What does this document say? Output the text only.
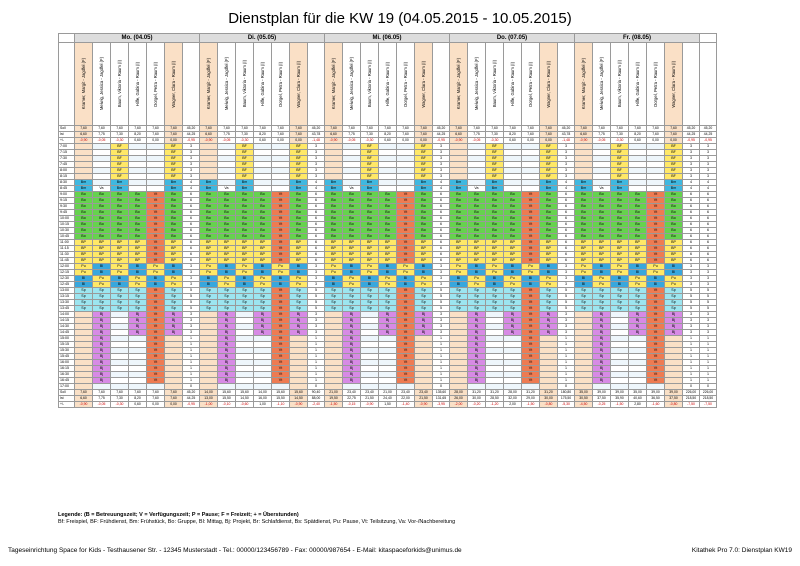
Dienstplan für die KW 19 (04.05.2015 - 10.05.2015)
	Mo. (04.05)							Di. (05.05)							Mi. (06.05)							Do. (07.05)							Fr. (08.05)							

	Kramer, Margit - Jagdfel (F)	Meiwig, Jessica - Jagdfel (F)	Baum, Viktoria - Raum (I)	Hilfe, Gabina - Raum (I)	Dorgel, Petra - Raum (I)	Wagner, Clara - Raum (I)		Kramer, Margit - Jagdfel (F)	Meiwig, Jessica - Jagdfel (F)	Baum, Viktoria - Raum (I)	Hilfe, Gabina - Raum (I)	Dorgel, Petra - Raum (I)	Wagner, Clara - Raum (I)		Kramer, Margit - Jagdfel (F)	Meiwig, Jessica - Jagdfel (F)	Baum, Viktoria - Raum (I)	Hilfe, Gabina - Raum (I)	Dorgel, Petra - Raum (I)	Wagner, Clara - Raum (I)		Kramer, Margit - Jagdfel (F)	Meiwig, Jessica - Jagdfel (F)	Baum, Viktoria - Raum (I)	Hilfe, Gabina - Raum (I)	Dorgel, Petra - Raum (I)	Wagner, Clara - Raum (I)		Kramer, Margit - Jagdfel (F)	Meiwig, Jessica - Jagdfel (F)	Baum, Viktoria - Raum (I)	Hilfe, Gabina - Raum (I)	Dorgel, Petra - Raum (I)	Wagner, Clara - Raum (I)		

Soll	7,60	7,60	7,60	7,60	7,60	7,60	45,20	7,60	7,60	7,60	7,60	7,60	7,60	45,20	7,60	7,60	7,60	7,60	7,60	7,60	45,20	7,60	7,60	7,60	7,60	7,60	7,60	45,20	7,60	7,60	7,60	7,60	7,60	7,60	45,20	45,20
Ist	6,60	7,75	7,30	8,20	7,60	7,60	44,25	6,60	7,75	7,30	8,20	7,60	7,60	43,78	6,60	7,75	7,30	8,20	7,60	7,60	44,25	6,60	7,75	7,30	8,20	7,60	7,60	43,78	6,60	7,75	7,30	8,20	7,60	7,60	44,25	44,25
+/-	-0,90	-0,05	-0,30	0,60	0,00	0,00	-0,95	-0,90	-0,05	-0,30	0,60	0,00	0,00	-1,48	-0,90	-0,05	-0,30	0,60	0,00	0,00	-0,95	-0,90	-0,05	-0,30	0,60	0,00	0,00	-1,48	-0,90	-0,05	-0,30	0,60	0,00	0,00	-0,95	-0,95
7:00			BF			BF	3			BF			BF	3			BF			BF	3			BF			BF	3			BF			BF	3	3
7:15			BF			BF	3			BF			BF	3			BF			BF	3			BF			BF	3			BF			BF	3	3
7:30			BF			BF	3			BF			BF	3			BF			BF	3			BF			BF	3			BF			BF	3	3
7:45			BF			BF	3			BF			BF	3			BF			BF	3			BF			BF	3			BF			BF	3	3
8:00			BF			BF	3			BF			BF	3			BF			BF	3			BF			BF	3			BF			BF	3	3
8:15			BF			BF	3			BF			BF	3			BF			BF	3			BF			BF	3			BF			BF	3	3
8:30	Bm		Bm			Bm	4	Bm		Bm			Bm	4	Bm		Bm			Bm	4	Bm		Bm			Bm	4	Bm		Bm			Bm	4	4
8:45	Bm	Va	Bm			Bm	4	Bm	Va	Bm			Bm	4	Bm	Va	Bm			Bm	4	Bm	Va	Bm			Bm	4	Bm	Va	Bm			Bm	4	4
9:00	Bo	Bo	Bo	Bo	Vt	Bo	6	Bo	Bo	Bo	Bo	Vt	Bo	6	Bo	Bo	Bo	Bo	Vt	Bo	6	Bo	Bo	Bo	Bo	Vt	Bo	6	Bo	Bo	Bo	Bo	Vt	Bo	6	6
9:15	Bo	Bo	Bo	Bo	Vt	Bo	6	Bo	Bo	Bo	Bo	Vt	Bo	6	Bo	Bo	Bo	Bo	Vt	Bo	6	Bo	Bo	Bo	Bo	Vt	Bo	6	Bo	Bo	Bo	Bo	Vt	Bo	6	6
9:30	Bo	Bo	Bo	Bo	Vt	Bo	6	Bo	Bo	Bo	Bo	Vt	Bo	6	Bo	Bo	Bo	Bo	Vt	Bo	6	Bo	Bo	Bo	Bo	Vt	Bo	6	Bo	Bo	Bo	Bo	Vt	Bo	6	6
9:45	Bo	Bo	Bo	Bo	Vt	Bo	6	Bo	Bo	Bo	Bo	Vt	Bo	6	Bo	Bo	Bo	Bo	Vt	Bo	6	Bo	Bo	Bo	Bo	Vt	Bo	6	Bo	Bo	Bo	Bo	Vt	Bo	6	6
10:00	Bo	Bo	Bo	Bo	Vt	Bo	6	Bo	Bo	Bo	Bo	Vt	Bo	6	Bo	Bo	Bo	Bo	Vt	Bo	6	Bo	Bo	Bo	Bo	Vt	Bo	6	Bo	Bo	Bo	Bo	Vt	Bo	6	6
10:15	Bo	Bo	Bo	Bo	Vt	Bo	6	Bo	Bo	Bo	Bo	Vt	Bo	6	Bo	Bo	Bo	Bo	Vt	Bo	6	Bo	Bo	Bo	Bo	Vt	Bo	6	Bo	Bo	Bo	Bo	Vt	Bo	6	6
10:30	Bo	Bo	Bo	Bo	Vt	Bo	6	Bo	Bo	Bo	Bo	Vt	Bo	6	Bo	Bo	Bo	Bo	Vt	Bo	6	Bo	Bo	Bo	Bo	Vt	Bo	6	Bo	Bo	Bo	Bo	Vt	Bo	6	6
10:45	Bo	Bo	Bo	Bo	Vt	Bo	6	Bo	Bo	Bo	Bo	Vt	Bo	6	Bo	Bo	Bo	Bo	Vt	Bo	6	Bo	Bo	Bo	Bo	Vt	Bo	6	Bo	Bo	Bo	Bo	Vt	Bo	6	6
11:00	BP	BP	BP	BP	Vt	BP	6	BP	BP	BP	BP	Vt	BP	6	BP	BP	BP	BP	Vt	BP	6	BP	BP	BP	BP	Vt	BP	6	BP	BP	BP	BP	Vt	BP	6	6
11:15	BP	BP	BP	BP	Vt	BP	6	BP	BP	BP	BP	Vt	BP	6	BP	BP	BP	BP	Vt	BP	6	BP	BP	BP	BP	Vt	BP	6	BP	BP	BP	BP	Vt	BP	6	6
11:30	BP	BP	BP	BP	Vt	BP	6	BP	BP	BP	BP	Vt	BP	6	BP	BP	BP	BP	Vt	BP	6	BP	BP	BP	BP	Vt	BP	6	BP	BP	BP	BP	Vt	BP	6	6
11:45	BP	BP	BP	BP	Vt	BP	6	BP	BP	BP	BP	Vt	BP	6	BP	BP	BP	BP	Vt	BP	6	BP	BP	BP	BP	Vt	BP	6	BP	BP	BP	BP	Vt	BP	6	6
12:00	Pu	Bl	Pu	Bl	Pu	Bl	3	Pu	Bl	Pu	Bl	Pu	Bl	3	Pu	Bl	Pu	Bl	Pu	Bl	3	Pu	Bl	Pu	Bl	Pu	Bl	3	Pu	Bl	Pu	Bl	Pu	Bl	3	3
12:15	Pu	Bl	Pu	Bl	Pu	Bl	3	Pu	Bl	Pu	Bl	Pu	Bl	3	Pu	Bl	Pu	Bl	Pu	Bl	3	Pu	Bl	Pu	Bl	Pu	Bl	3	Pu	Bl	Pu	Bl	Pu	Bl	3	3
12:30	Bl	Pu	Bl	Pu	Bl	Pu	3	Bl	Pu	Bl	Pu	Bl	Pu	3	Bl	Pu	Bl	Pu	Bl	Pu	3	Bl	Pu	Bl	Pu	Bl	Pu	3	Bl	Pu	Bl	Pu	Bl	Pu	3	3
12:45	Bl	Pu	Bl	Pu	Bl	Pu	3	Bl	Pu	Bl	Pu	Bl	Pu	3	Bl	Pu	Bl	Pu	Bl	Pu	3	Bl	Pu	Bl	Pu	Bl	Pu	3	Bl	Pu	Bl	Pu	Bl	Pu	3	3
13:00	Sp	Sp	Sp	Sp	Vt	Sp	5	Sp	Sp	Sp	Sp	Vt	Sp	5	Sp	Sp	Sp	Sp	Vt	Sp	5	Sp	Sp	Sp	Sp	Vt	Sp	5	Sp	Sp	Sp	Sp	Vt	Sp	5	5
13:15	Sp	Sp	Sp	Sp	Vt	Sp	5	Sp	Sp	Sp	Sp	Vt	Sp	5	Sp	Sp	Sp	Sp	Vt	Sp	5	Sp	Sp	Sp	Sp	Vt	Sp	5	Sp	Sp	Sp	Sp	Vt	Sp	5	5
13:30	Sp	Sp	Sp	Sp	Vt	Sp	5	Sp	Sp	Sp	Sp	Vt	Sp	5	Sp	Sp	Sp	Sp	Vt	Sp	5	Sp	Sp	Sp	Sp	Vt	Sp	5	Sp	Sp	Sp	Sp	Vt	Sp	5	5
13:45	Sp	Sp	Sp	Sp	Vt	Sp	5	Sp	Sp	Sp	Sp	Vt	Sp	5	Sp	Sp	Sp	Sp	Vt	Sp	5	Sp	Sp	Sp	Sp	Vt	Sp	5	Sp	Sp	Sp	Sp	Vt	Sp	5	5
14:00		Bj		Bj	Vt	Bj	3		Bj		Bj	Vt	Bj	3		Bj		Bj	Vt	Bj	3		Bj		Bj	Vt	Bj	3		Bj		Bj	Vt	Bj	3	3
14:15		Bj		Bj	Vt	Bj	3		Bj		Bj	Vt	Bj	3		Bj		Bj	Vt	Bj	3		Bj		Bj	Vt	Bj	3		Bj		Bj	Vt	Bj	3	3
14:30		Bj		Bj	Vt	Bj	3		Bj		Bj	Vt	Bj	3		Bj		Bj	Vt	Bj	3		Bj		Bj	Vt	Bj	3		Bj		Bj	Vt	Bj	3	3
14:45		Bj		Bj	Vt	Bj	3		Bj		Bj	Vt	Bj	3		Bj		Bj	Vt	Bj	3		Bj		Bj	Vt	Bj	3		Bj		Bj	Vt	Bj	3	3
15:00		Bj			Vt		1		Bj			Vt		1		Bj			Vt		1		Bj			Vt		1		Bj			Vt		1	1
15:15		Bj			Vt		1		Bj			Vt		1		Bj			Vt		1		Bj			Vt		1		Bj			Vt		1	1
15:30		Bj			Vt		1		Bj			Vt		1		Bj			Vt		1		Bj			Vt		1		Bj			Vt		1	1
15:45		Bj			Vt		1		Bj			Vt		1		Bj			Vt		1		Bj			Vt		1		Bj			Vt		1	1
16:00		Bj			Vt		1		Bj			Vt		1		Bj			Vt		1		Bj			Vt		1		Bj			Vt		1	1
16:15		Bj			Vt		1		Bj			Vt		1		Bj			Vt		1		Bj			Vt		1		Bj			Vt		1	1
16:30		Bj			Vt		1		Bj			Vt		1		Bj			Vt		1		Bj			Vt		1		Bj			Vt		1	1
16:45		Bj			Vt		1		Bj			Vt		1		Bj			Vt		1		Bj			Vt		1		Bj			Vt		1	1
17:00							0							0							0							0							0	0
Soll	7,60	7,60	7,60	7,60	7,60	7,60	45,20	14,00	15,60	15,60	14,00	15,60	15,60	90,40	21,00	23,40	23,40	21,00	23,40	23,40	135,60	28,00	31,20	31,20	28,00	31,20	31,20	180,80	35,00	39,00	39,00	35,00	39,00	39,00	226,00	226,00
Ist	6,60	7,75	7,30	8,20	7,60	7,60	44,25	13,00	15,50	14,50	16,00	15,50	14,50	88,00	19,50	22,75	21,50	24,40	22,00	21,50	131,65	26,00	30,00	28,50	32,00	29,00	30,00	175,50	30,50	37,50	35,90	40,60	36,50	37,50	218,50	218,50
+/-	-0,90	-0,05	-0,30	0,60	0,00	0,00	-0,95	-1,00	-0,10	-0,60	1,00	-1,10	-0,90	-2,40	-1,50	-0,15	-0,90	1,50	-1,40	-0,90	-3,95	-2,00	-0,20	-1,20	2,00	-1,50	-0,80	-5,30	-4,50	-0,25	-1,50	2,80	-1,60	-0,80	-7,50	-7,50
Legende: (B = Betreuungszeit; V = Verfügungszeit; P = Pause; F = Freizeit; + = Überstunden)
Bf: Freispiel, BF: Frühdienst, Bm: Frühstück, Bo: Gruppe, Bl: Mittag, Bj: Projekt, Br: Schlafdienst, Bs: Spätdienst, Pu: Pause, Vt: Teilsitzung, Va: Vor-/Nachbereitung
Tageseinrichtung Space for Kids - Testhausener Str. - 12345 Musterstadt - Tel.: 00000/123456789 - Fax: 00000/987654 - E-Mail: kitaspaceforkids@unimus.de	Kitathek Pro 7.0: Dienstplan KW19
